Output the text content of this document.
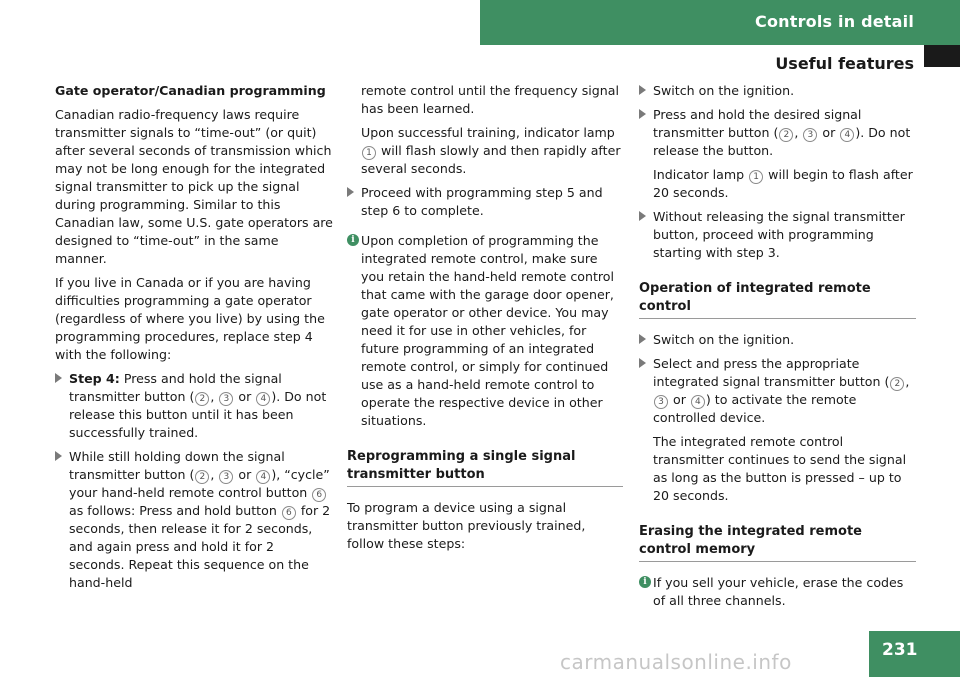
Controls in detail
Useful features

Gate operator/Canadian programming

Canadian radio-frequency laws require transmitter signals to “time-out” (or quit) after several seconds of transmission which may not be long enough for the integrated signal transmitter to pick up the signal during programming. Similar to this Canadian law, some U.S. gate operators are designed to “time-out” in the same manner.

If you live in Canada or if you are having difficulties programming a gate operator (regardless of where you live) by using the programming procedures, replace step 4 with the following:

Step 4: Press and hold the signal transmitter button ( 2 , 3 or 4 ). Do not release this button until it has been successfully trained.
While still holding down the signal transmitter button ( 2 , 3 or 4 ), “cycle” your hand-held remote control button 6 as follows: Press and hold button 6 for 2 seconds, then release it for 2 seconds, and again press and hold it for 2 seconds. Repeat this sequence on the hand-held

remote control until the frequency signal has been learned.

Upon successful training, indicator lamp 1 will flash slowly and then rapidly after several seconds.

Proceed with programming step 5 and step 6 to complete.
i Upon completion of programming the integrated remote control, make sure you retain the hand-held remote control that came with the garage door opener, gate operator or other device. You may need it for use in other vehicles, for future programming of an integrated remote control, or simply for continued use as a hand-held remote control to operate the respective device in other situations.
Reprogramming a single signal transmitter button

To program a device using a signal transmitter button previously trained, follow these steps:

Switch on the ignition.
Press and hold the desired signal transmitter button ( 2 , 3 or 4 ). Do not release the button.

Indicator lamp 1 will begin to flash after 20 seconds.

Without releasing the signal transmitter button, proceed with programming starting with step 3.
Operation of integrated remote control
Switch on the ignition.
Select and press the appropriate integrated signal transmitter button ( 2 , 3 or 4 ) to activate the remote controlled device.

The integrated remote control transmitter continues to send the signal as long as the button is pressed – up to 20 seconds.

Erasing the integrated remote control memory
i If you sell your vehicle, erase the codes of all three channels.
carmanualsonline.info	231
